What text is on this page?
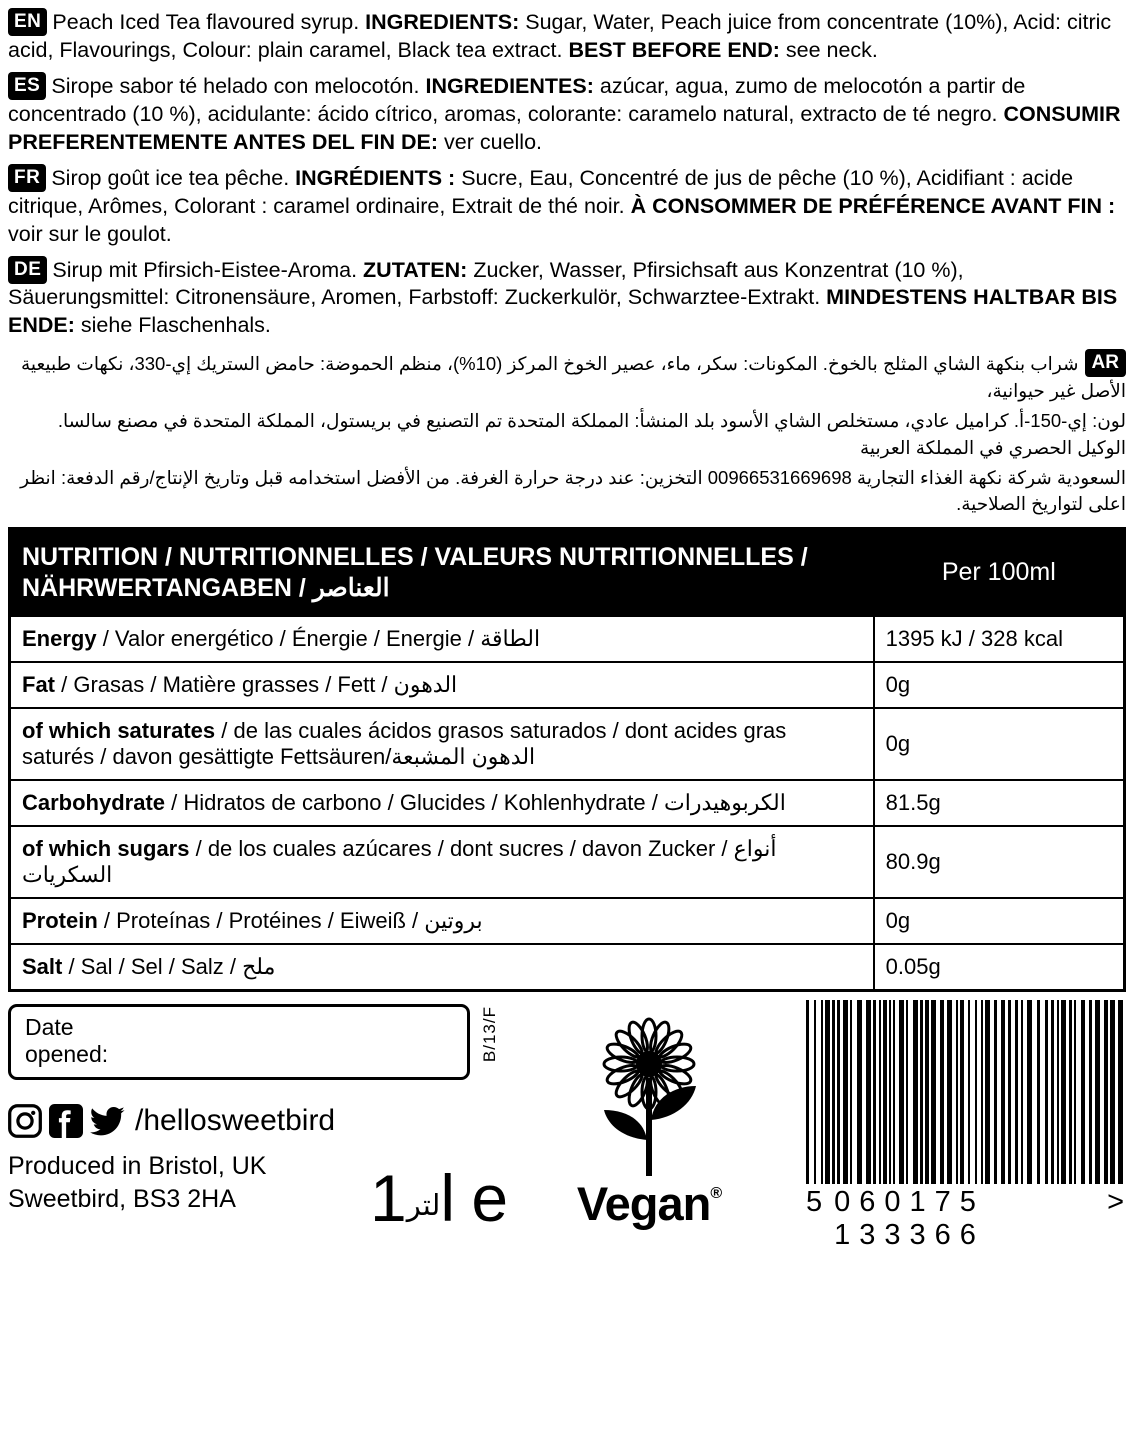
EN Peach Iced Tea flavoured syrup. INGREDIENTS: Sugar, Water, Peach juice from concentrate (10%), Acid: citric acid, Flavourings, Colour: plain caramel, Black tea extract. BEST BEFORE END: see neck.
ES Sirope sabor té helado con melocotón. INGREDIENTES: azúcar, agua, zumo de melocotón a partir de concentrado (10 %), acidulante: ácido cítrico, aromas, colorante: caramelo natural, extracto de té negro. CONSUMIR PREFERENTEMENTE ANTES DEL FIN DE: ver cuello.
FR Sirop goût ice tea pêche. INGRÉDIENTS : Sucre, Eau, Concentré de jus de pêche (10 %), Acidifiant : acide citrique, Arômes, Colorant : caramel ordinaire, Extrait de thé noir. À CONSOMMER DE PRÉFÉRENCE AVANT FIN : voir sur le goulot.
DE Sirup mit Pfirsich-Eistee-Aroma. ZUTATEN: Zucker, Wasser, Pfirsichsaft aus Konzentrat (10 %), Säuerungsmittel: Citronensäure, Aromen, Farbstoff: Zuckerkulör, Schwarztee-Extrakt. MINDESTENS HALTBAR BIS ENDE: siehe Flaschenhals.
ARشراب بنكهة الشاي المثلج بالخوخ. المكونات: سكر، ماء، عصير الخوخ المركز (10%)، منظم الحموضة: حامض الستريك إي‑330، نكهات طبيعية الأصل غير حيوانية،
لون: إي‑150‑أ. كراميل عادي، مستخلص الشاي الأسود بلد المنشأ: المملكة المتحدة تم التصنيع في بريستول، المملكة المتحدة في مصنع سالسا. الوكيل الحصري في المملكة العربية
السعودية شركة نكهة الغذاء التجارية 00966531669698 التخزين: عند درجة حرارة الغرفة. من الأفضل استخدامه قبل وتاريخ الإنتاج/رقم الدفعة: انظر اعلى لتواريخ الصلاحية.
NUTRITION / NUTRITIONNELLES / VALEURS NUTRITIONNELLES / NÄHRWERTANGABEN / العناصر	Per 100ml
Energy / Valor energético / Énergie / Energie / الطاقة	1395 kJ / 328 kcal
Fat / Grasas / Matière grasses / Fett / الدهون	0g
of which saturates / de las cuales ácidos grasos saturados / dont acides gras saturés / davon gesättigte Fettsäuren/الدهون المشبعة	0g
Carbohydrate / Hidratos de carbono / Glucides / Kohlenhydrate / الكربوهيدرات	81.5g
of which sugars / de los cuales azúcares / dont sucres / davon Zucker / أنواع السكريات	80.9g
Protein / Proteínas / Protéines / Eiweiß / بروتين	0g
Salt / Sal / Sel / Salz / ملح	0.05g
Date
opened:	B/13/F
/hellosweetbird
Produced in Bristol, UK
Sweetbird, BS3 2HA	لتر1l e	Vegan®	5 060175 133366
>
